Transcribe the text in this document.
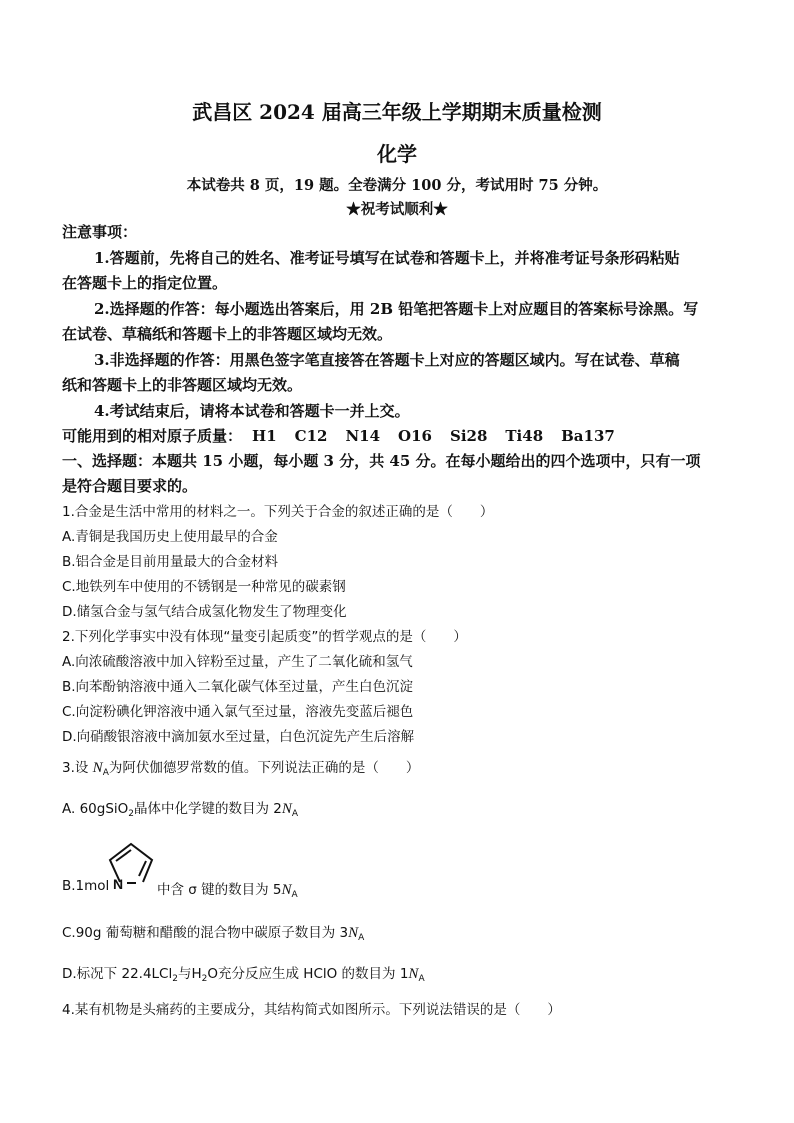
武昌区 2024 届高三年级上学期期末质量检测
化学
本试卷共 8 页，19 题。全卷满分 100 分，考试用时 75 分钟。
★祝考试顺利★
注意事项：
1.答题前，先将自己的姓名、准考证号填写在试卷和答题卡上，并将准考证号条形码粘贴
在答题卡上的指定位置。
2.选择题的作答：每小题选出答案后，用 2B 铅笔把答题卡上对应题目的答案标号涂黑。写
在试卷、草稿纸和答题卡上的非答题区域均无效。
3.非选择题的作答：用黑色签字笔直接答在答题卡上对应的答题区域内。写在试卷、草稿
纸和答题卡上的非答题区域均无效。
4.考试结束后，请将本试卷和答题卡一并上交。
可能用到的相对原子质量： H1 C12 N14 O16 Si28 Ti48 Ba137
一、选择题：本题共 15 小题，每小题 3 分，共 45 分。在每小题给出的四个选项中，只有一项
是符合题目要求的。
1.合金是生活中常用的材料之一。下列关于合金的叙述正确的是（　　）
A.青铜是我国历史上使用最早的合金
B.铝合金是目前用量最大的合金材料
C.地铁列车中使用的不锈钢是一种常见的碳素钢
D.储氢合金与氢气结合成氢化物发生了物理变化
2.下列化学事实中没有体现“量变引起质变”的哲学观点的是（　　）
A.向浓硫酸溶液中加入锌粉至过量，产生了二氧化硫和氢气
B.向苯酚钠溶液中通入二氧化碳气体至过量，产生白色沉淀
C.向淀粉碘化钾溶液中通入氯气至过量，溶液先变蓝后褪色
D.向硝酸银溶液中滴加氨水至过量，白色沉淀先产生后溶解
3.设 $N_A$为阿伏伽德罗常数的值。下列说法正确的是（　　）
A. 60gSiO$_2$晶体中化学键的数目为 $2N_A$
B.1mol N	中含 σ 键的数目为 $5N_A$
C.90g 葡萄糖和醋酸的混合物中碳原子数目为 $3N_A$
D.标况下 22.4LCl$_2$与$H_2O$充分反应生成 HClO 的数目为 $1N_A$
4.某有机物是头痛药的主要成分，其结构简式如图所示。下列说法错误的是（　　）
